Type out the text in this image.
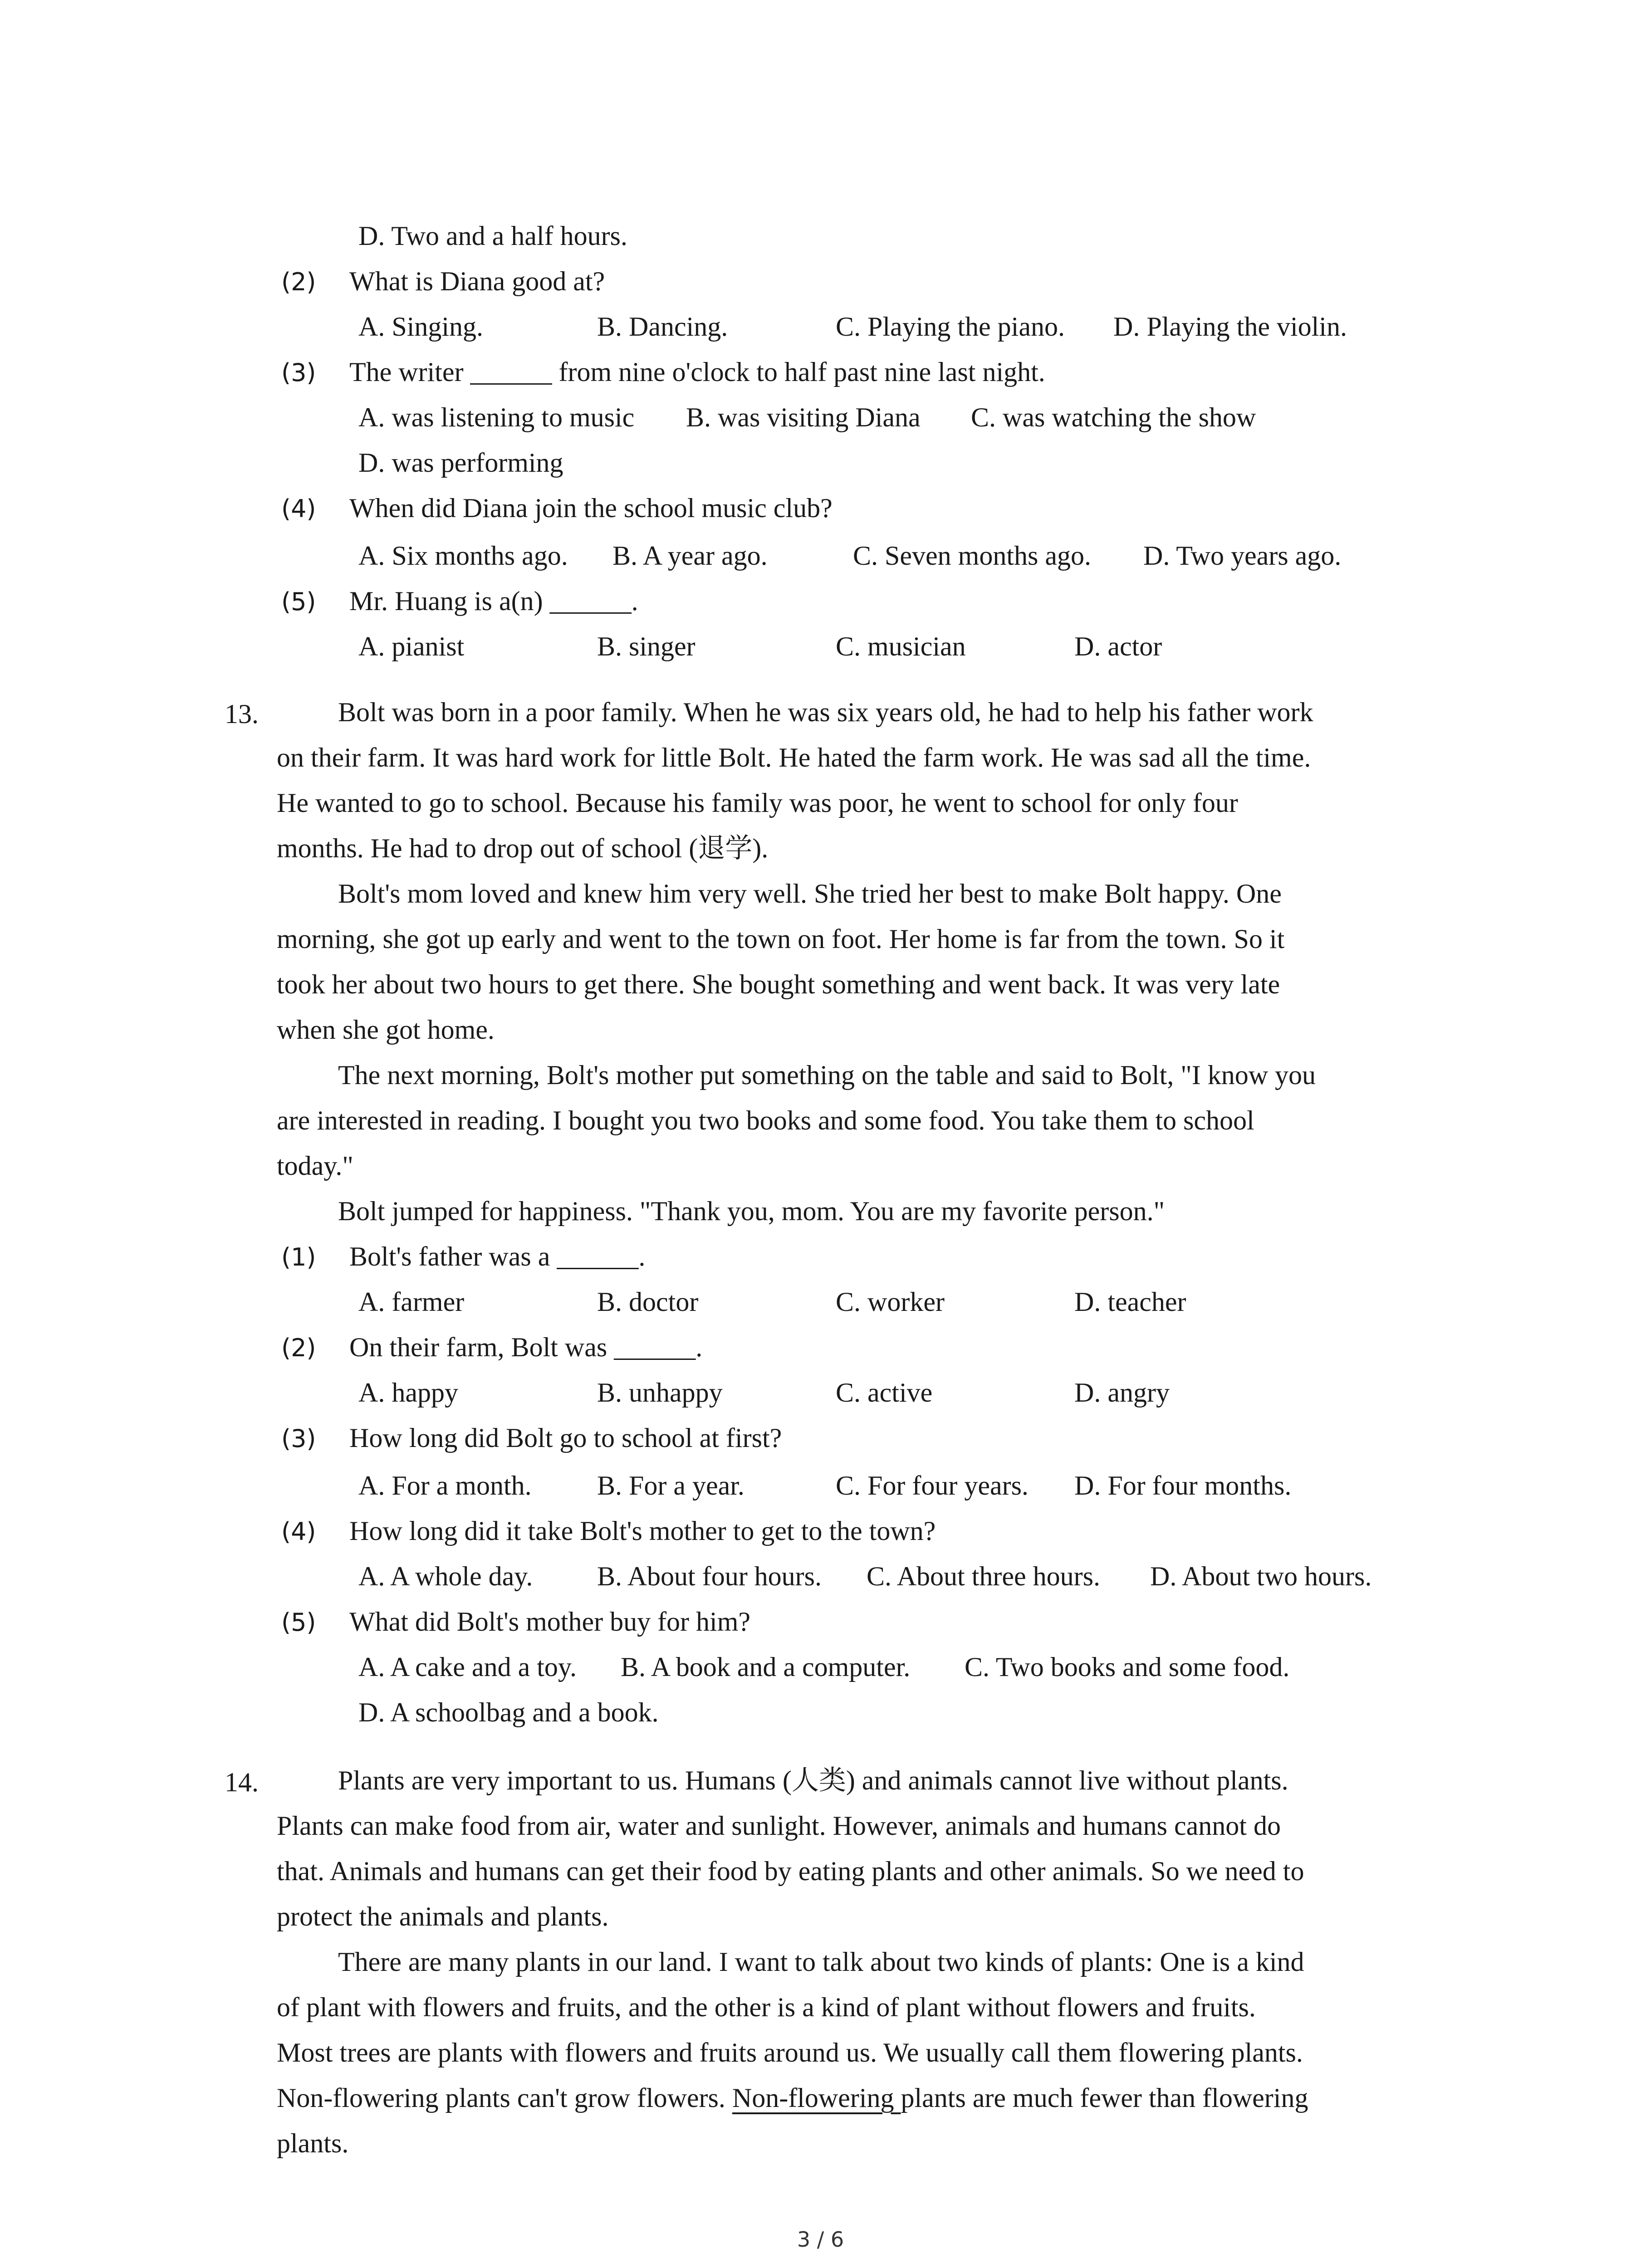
D. Two and a half hours.
(2) What is Diana good at?
A. Singing.	B. Dancing.	C. Playing the piano. D. Playing the violin.
(3) The writer ______ from nine o'clock to half past nine last night.
A. was listening to music B. was visiting Diana C. was watching the show
D. was performing
(4) When did Diana join the school music club?
A. Six months ago. B. A year ago.	C. Seven months ago. D. Two years ago.
(5) Mr. Huang is a(n) ______.
A. pianist	B. singer	C. musician	D. actor
13.	Bolt was born in a poor family. When he was six years old, he had to help his father work
on their farm. It was hard work for little Bolt. He hated the farm work. He was sad all the time.
He wanted to go to school. Because his family was poor, he went to school for only four
months. He had to drop out of school (退学).
Bolt's mom loved and knew him very well. She tried her best to make Bolt happy. One
morning, she got up early and went to the town on foot. Her home is far from the town. So it
took her about two hours to get there. She bought something and went back. It was very late
when she got home.
The next morning, Bolt's mother put something on the table and said to Bolt, "I know you
are interested in reading. I bought you two books and some food. You take them to school
today."
Bolt jumped for happiness. "Thank you, mom. You are my favorite person."
(1) Bolt's father was a ______.
A. farmer	B. doctor	C. worker	D. teacher
(2) On their farm, Bolt was ______.
A. happy	B. unhappy	C. active	D. angry
(3) How long did Bolt go to school at first?
A. For a month. B. For a year.	C. For four years. D. For four months.
(4) How long did it take Bolt's mother to get to the town?
A. A whole day. B. About four hours. C. About three hours. D. About two hours.
(5) What did Bolt's mother buy for him?
A. A cake and a toy. B. A book and a computer. C. Two books and some food.
D. A schoolbag and a book.
14.	Plants are very important to us. Humans (人类) and animals cannot live without plants.
Plants can make food from air, water and sunlight. However, animals and humans cannot do
that. Animals and humans can get their food by eating plants and other animals. So we need to
protect the animals and plants.
There are many plants in our land. I want to talk about two kinds of plants: One is a kind
of plant with flowers and fruits, and the other is a kind of plant without flowers and fruits.
Most trees are plants with flowers and fruits around us. We usually call them flowering plants.
Non-flowering plants can't grow flowers. Non-flowering plants are much fewer than flowering
plants.
3 / 6
